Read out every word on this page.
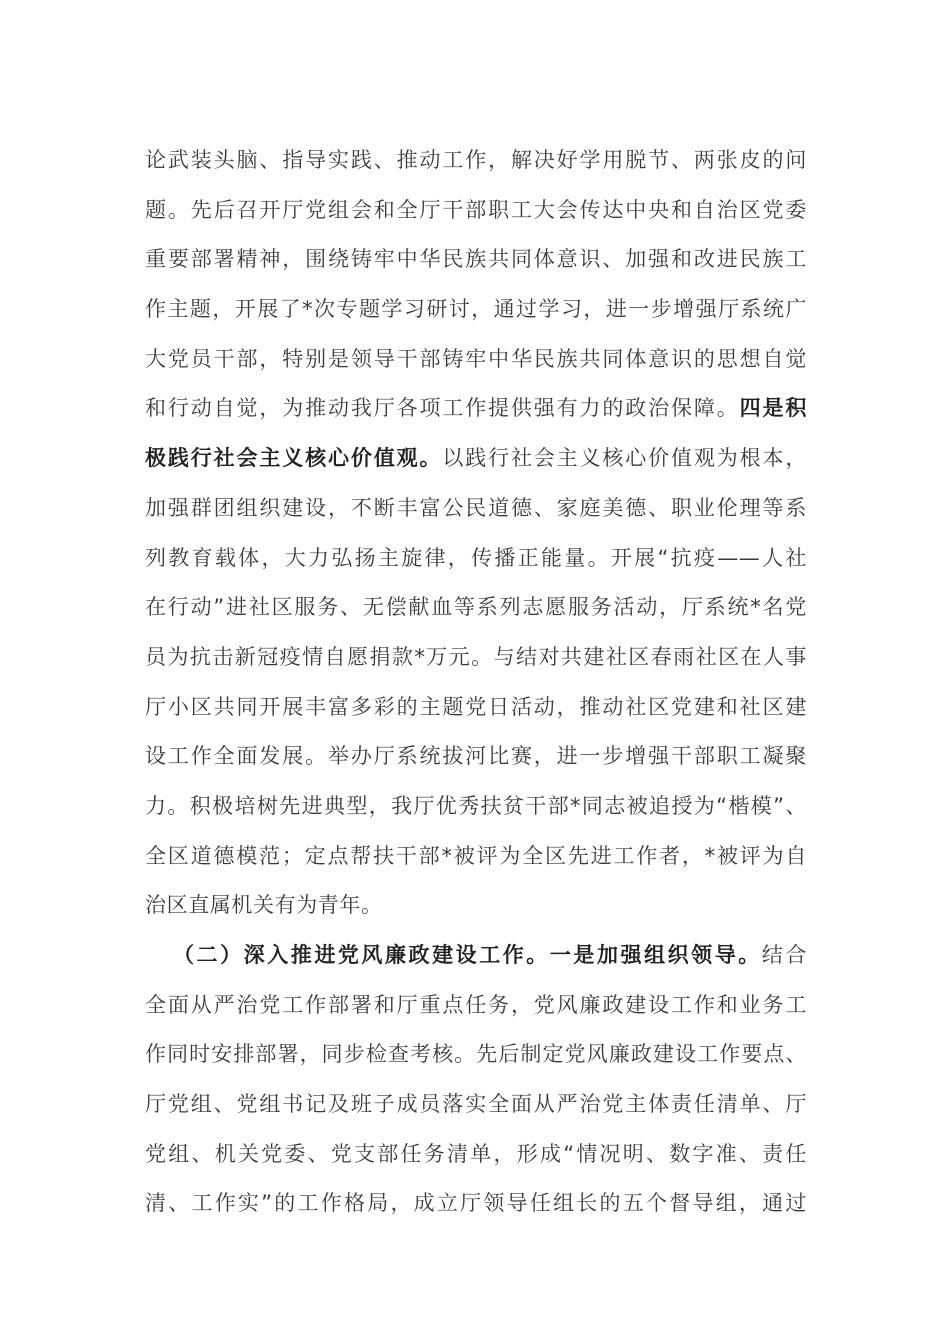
论武装头脑、指导实践、推动工作，解决好学用脱节、两张皮的问
题。先后召开厅党组会和全厅干部职工大会传达中央和自治区党委
重要部署精神，围绕铸牢中华民族共同体意识、加强和改进民族工
作主题，开展了*次专题学习研讨，通过学习，进一步增强厅系统广
大党员干部，特别是领导干部铸牢中华民族共同体意识的思想自觉
和行动自觉，为推动我厅各项工作提供强有力的政治保障。四是积
极践行社会主义核心价值观。以践行社会主义核心价值观为根本，
加强群团组织建设，不断丰富公民道德、家庭美德、职业伦理等系
列教育载体，大力弘扬主旋律，传播正能量。开展“抗疫——人社
在行动”进社区服务、无偿献血等系列志愿服务活动，厅系统*名党
员为抗击新冠疫情自愿捐款*万元。与结对共建社区春雨社区在人事
厅小区共同开展丰富多彩的主题党日活动，推动社区党建和社区建
设工作全面发展。举办厅系统拔河比赛，进一步增强干部职工凝聚
力。积极培树先进典型，我厅优秀扶贫干部*同志被追授为“楷模”、
全区道德模范；定点帮扶干部*被评为全区先进工作者，*被评为自
治区直属机关有为青年。
（二）深入推进党风廉政建设工作。一是加强组织领导。结合
全面从严治党工作部署和厅重点任务，党风廉政建设工作和业务工
作同时安排部署，同步检查考核。先后制定党风廉政建设工作要点、
厅党组、党组书记及班子成员落实全面从严治党主体责任清单、厅
党组、机关党委、党支部任务清单，形成“情况明、数字准、责任
清、工作实”的工作格局，成立厅领导任组长的五个督导组，通过
